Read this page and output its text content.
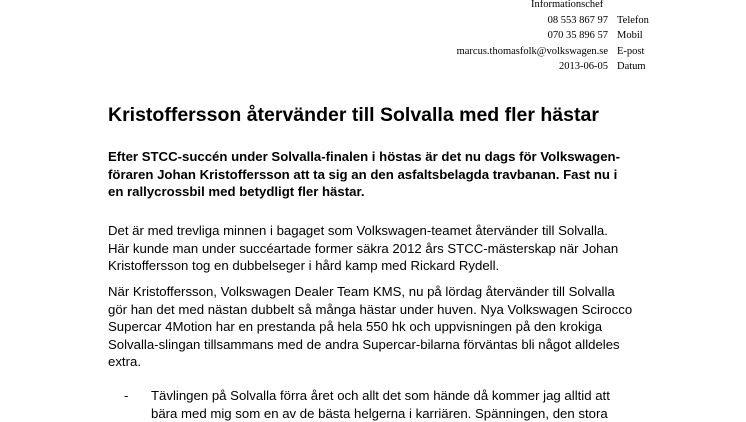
Informationschef
08 553 867 97 Telefon
070 35 896 57 Mobil
marcus.thomasfolk@volkswagen.se E-post
2013-06-05 Datum
Kristoffersson återvänder till Solvalla med fler hästar

Efter STCC-succén under Solvalla-finalen i höstas är det nu dags för Volkswagen-
föraren Johan Kristoffersson att ta sig an den asfaltsbelagda travbanan. Fast nu i
en rallycrossbil med betydligt fler hästar.

Det är med trevliga minnen i bagaget som Volkswagen-teamet återvänder till Solvalla.
Här kunde man under succéartade former säkra 2012 års STCC-mästerskap när Johan
Kristoffersson tog en dubbelseger i hård kamp med Rickard Rydell.

När Kristoffersson, Volkswagen Dealer Team KMS, nu på lördag återvänder till Solvalla
gör han det med nästan dubbelt så många hästar under huven. Nya Volkswagen Scirocco
Supercar 4Motion har en prestanda på hela 550 hk och uppvisningen på den krokiga
Solvalla-slingan tillsammans med de andra Supercar-bilarna förväntas bli något alldeles
extra.

- Tävlingen på Solvalla förra året och allt det som hände då kommer jag alltid att
bära med mig som en av de bästa helgerna i karriären. Spänningen, den stora
